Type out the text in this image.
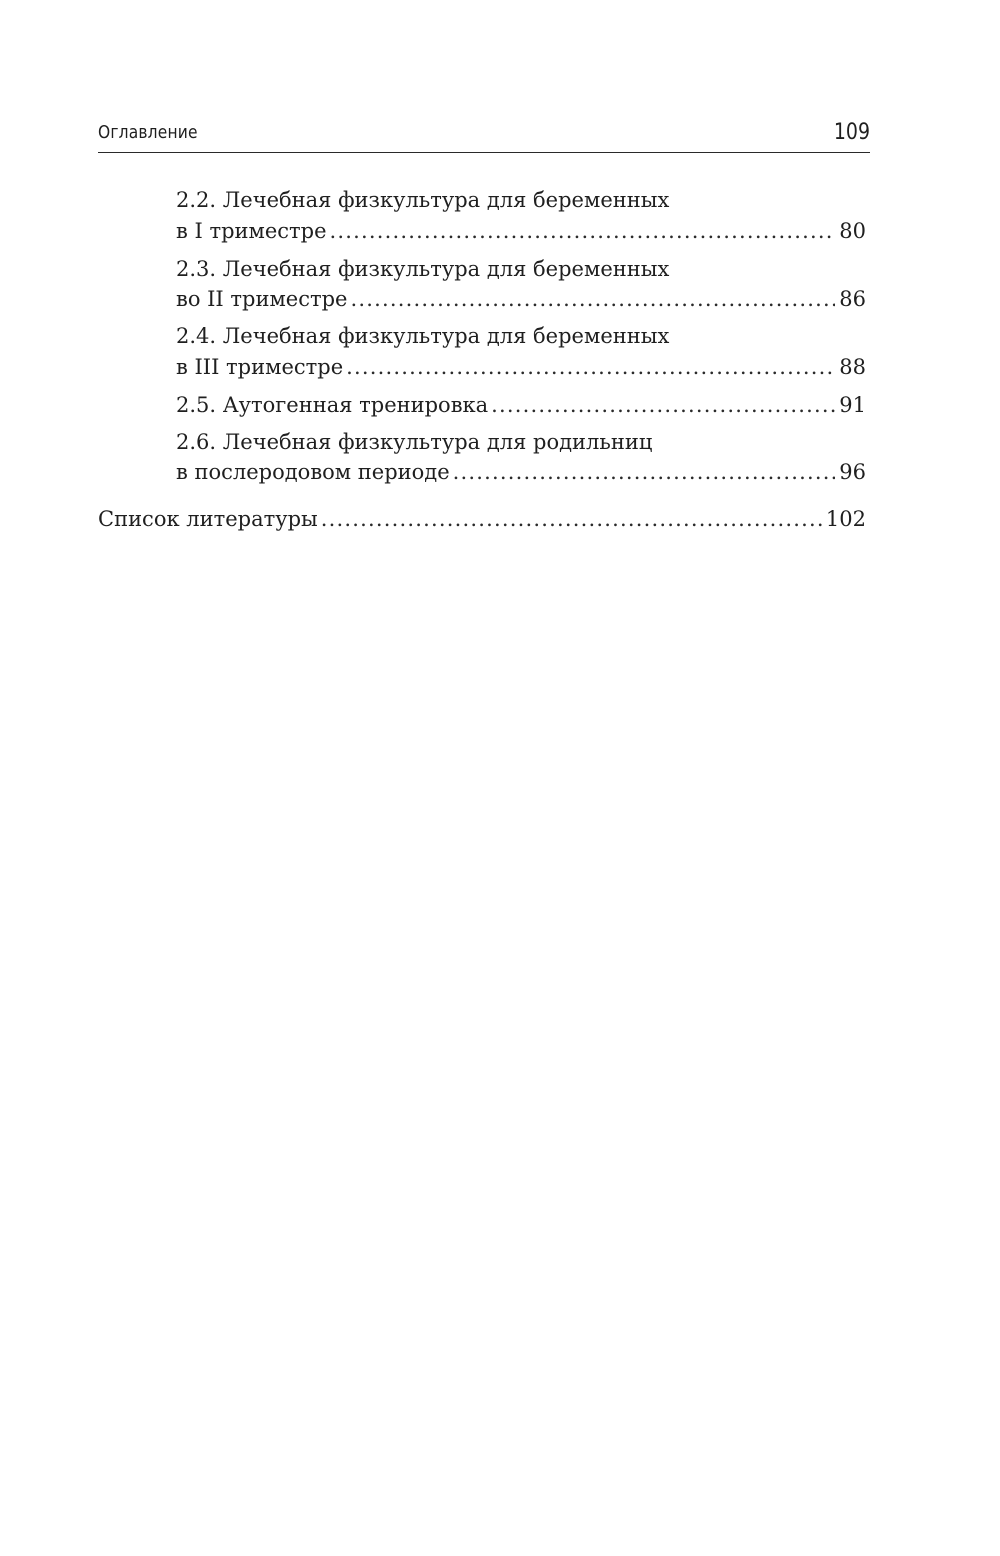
Оглавление	109
2.2. Лечебная физкультура для беременных
в I триместре .....	80
2.3. Лечебная физкультура для беременных
во II триместре .....	86
2.4. Лечебная физкультура для беременных
в III триместре .....	88
2.5. Аутогенная тренировка .....	91
2.6. Лечебная физкультура для родильниц
в послеродовом периоде .....	96
Список литературы .....	102
